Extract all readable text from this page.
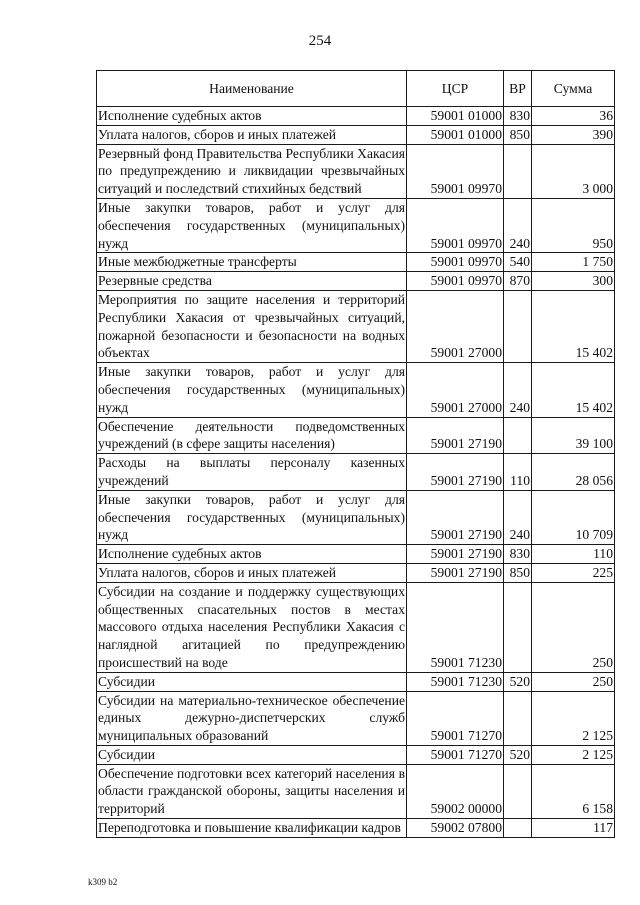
254
Наименование	ЦСР	ВР	Сумма
Исполнение судебных актов	59001 01000	830	36
Уплата налогов, сборов и иных платежей	59001 01000	850	390
Резервный фонд Правительства Республики Хакасия по предупреждению и ликвидации чрезвычайных ситуаций и последствий стихийных бедствий	59001 09970		3 000
Иные закупки товаров, работ и услуг для обеспечения государственных (муниципальных) нужд	59001 09970	240	950
Иные межбюджетные трансферты	59001 09970	540	1 750
Резервные средства	59001 09970	870	300
Мероприятия по защите населения и территорий Республики Хакасия от чрезвычайных ситуаций, пожарной безопасности и безопасности на водных объектах	59001 27000		15 402
Иные закупки товаров, работ и услуг для обеспечения государственных (муниципальных) нужд	59001 27000	240	15 402
Обеспечение деятельности подведомственных учреждений (в сфере защиты населения)	59001 27190		39 100
Расходы на выплаты персоналу казенных учреждений	59001 27190	110	28 056
Иные закупки товаров, работ и услуг для обеспечения государственных (муниципальных) нужд	59001 27190	240	10 709
Исполнение судебных актов	59001 27190	830	110
Уплата налогов, сборов и иных платежей	59001 27190	850	225
Субсидии на создание и поддержку существующих общественных спасательных постов в местах массового отдыха населения Республики Хакасия с наглядной агитацией по предупреждению происшествий на воде	59001 71230		250
Субсидии	59001 71230	520	250
Субсидии на материально-техническое обеспечение единых дежурно-диспетчерских служб муниципальных образований	59001 71270		2 125
Субсидии	59001 71270	520	2 125
Обеспечение подготовки всех категорий населения в области гражданской обороны, защиты населения и территорий	59002 00000		6 158
Переподготовка и повышение квалификации кадров	59002 07800		117
k309 b2
